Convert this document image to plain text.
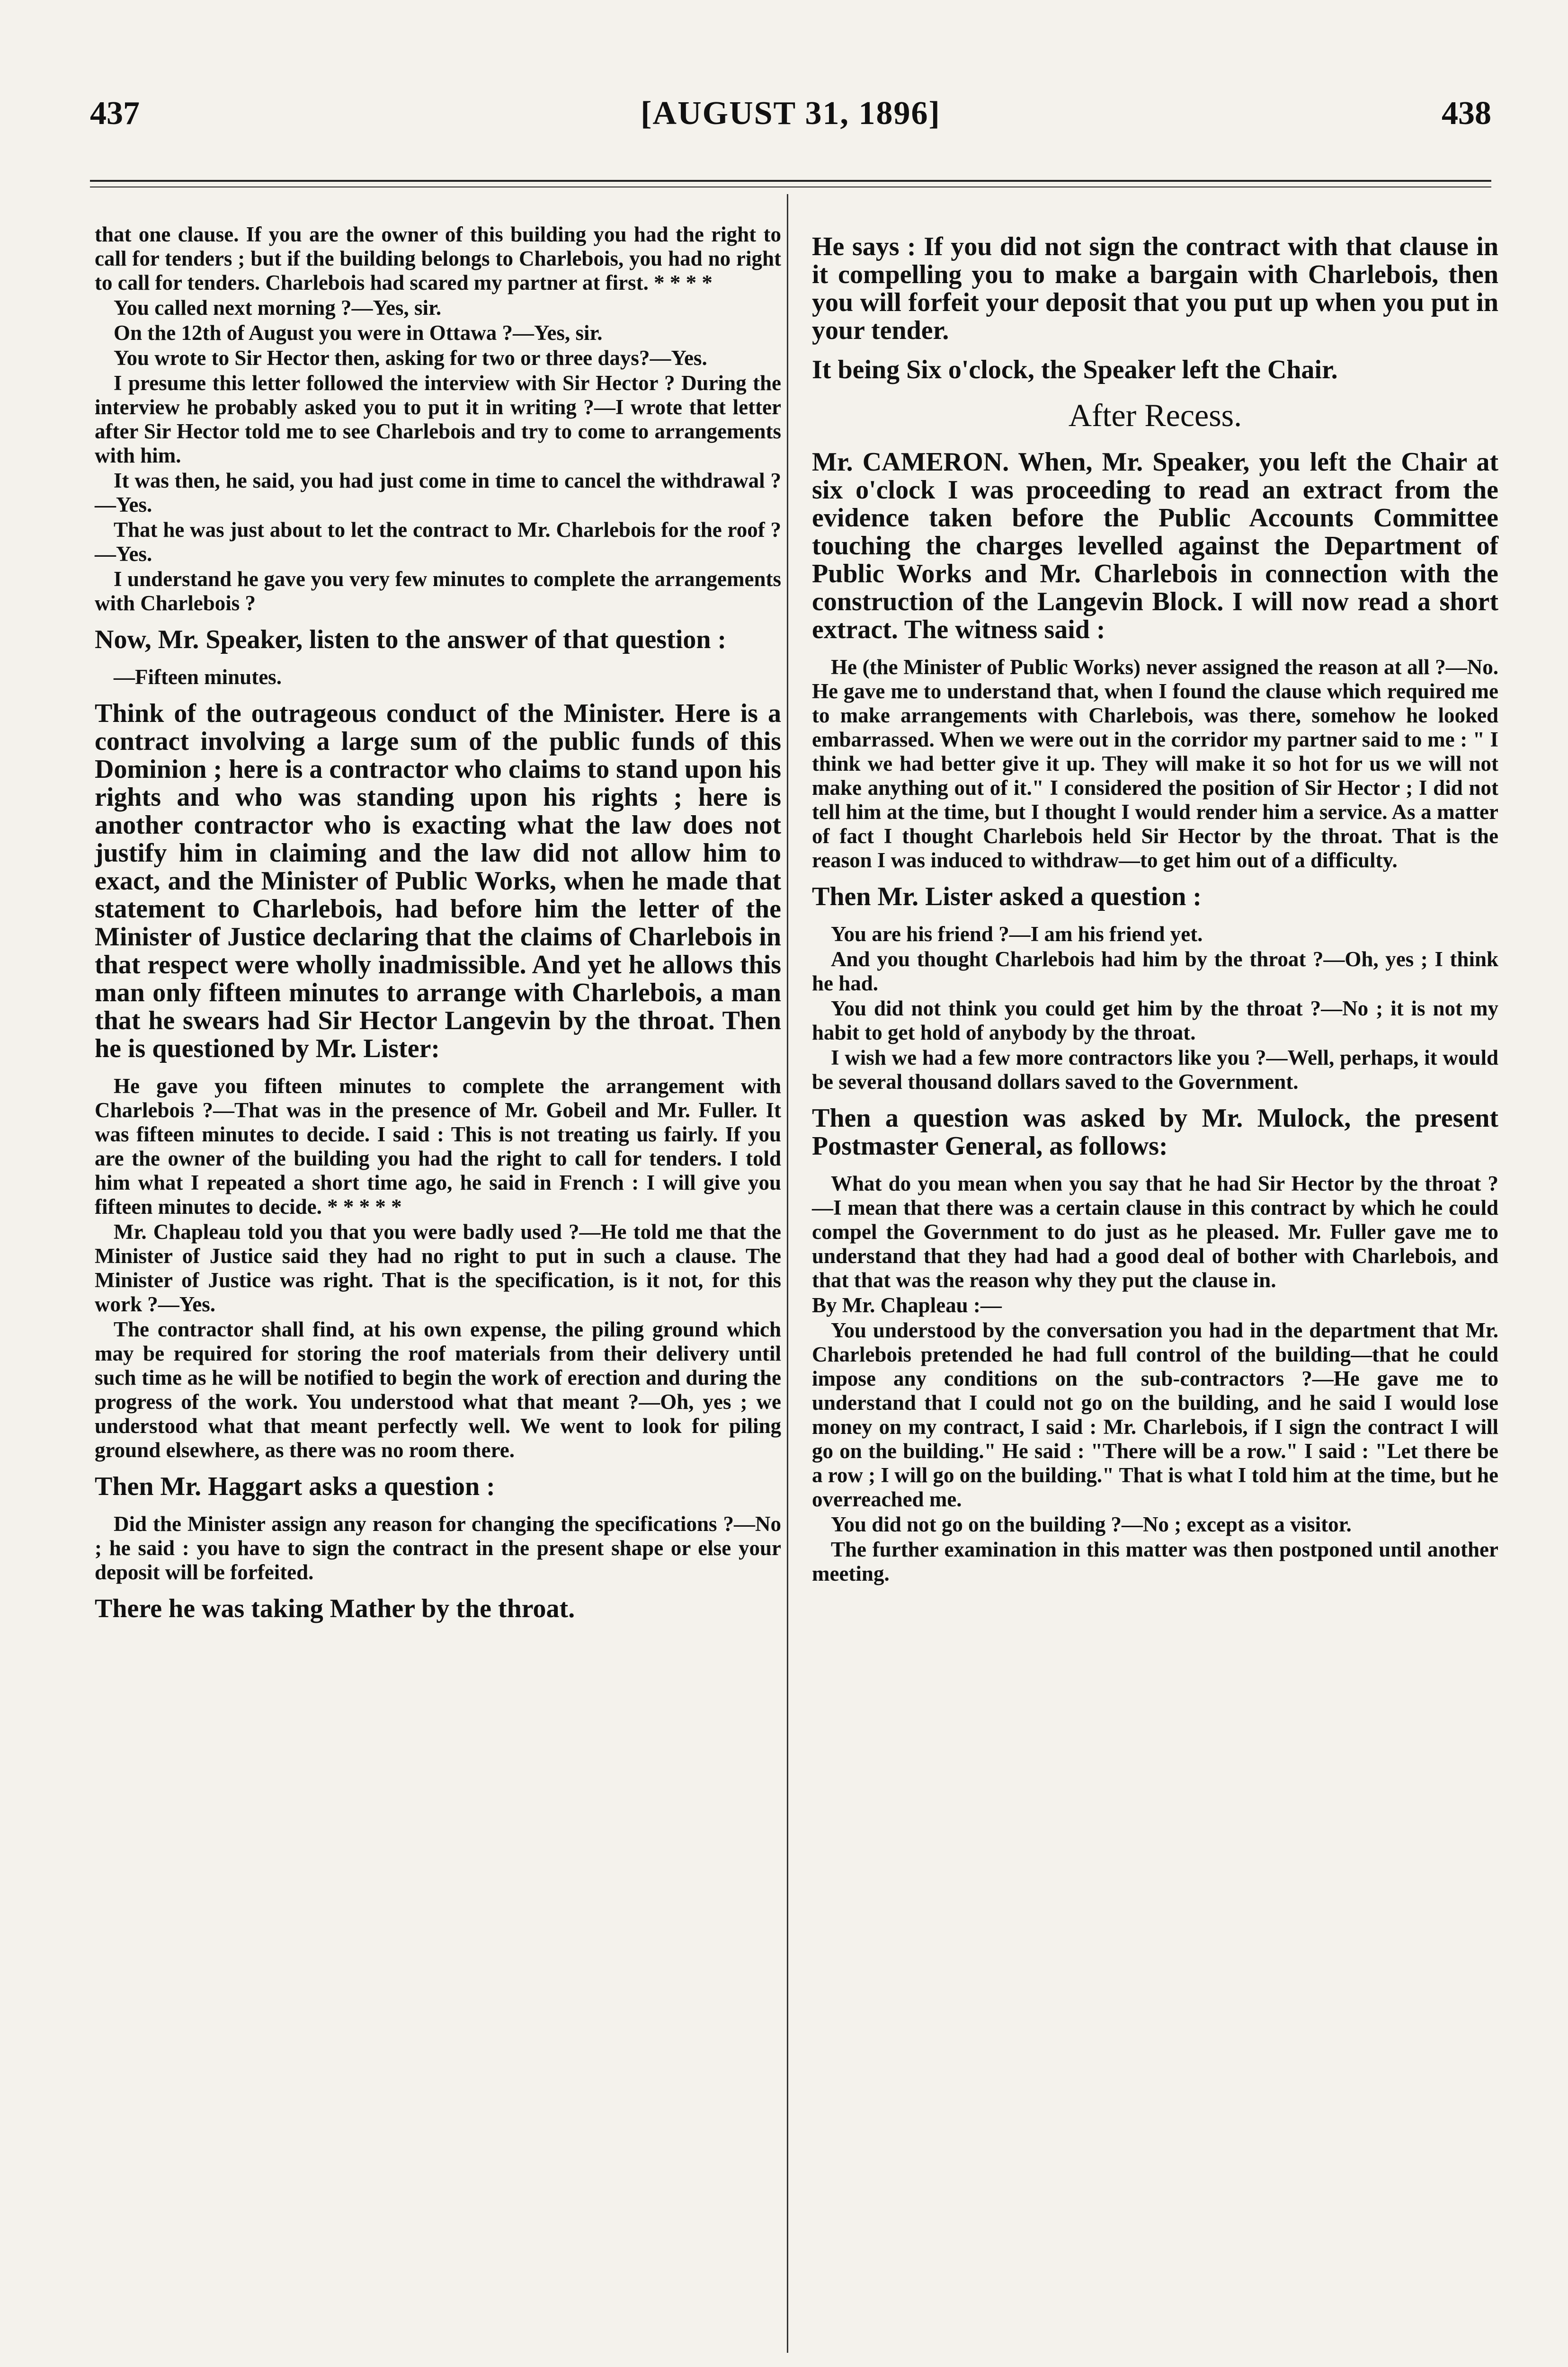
437	[AUGUST 31, 1896]	438

that one clause. If you are the owner of this building you had the right to call for tenders ; but if the building belongs to Charlebois, you had no right to call for tenders. Charlebois had scared my partner at first. * * * *

You called next morning ?—Yes, sir.

On the 12th of August you were in Ottawa ?—Yes, sir.

You wrote to Sir Hector then, asking for two or three days?—Yes.

I presume this letter followed the interview with Sir Hector ? During the interview he probably asked you to put it in writing ?—I wrote that letter after Sir Hector told me to see Charlebois and try to come to arrangements with him.

It was then, he said, you had just come in time to cancel the withdrawal ?—Yes.

That he was just about to let the contract to Mr. Charlebois for the roof ?—Yes.

I understand he gave you very few minutes to complete the arrangements with Charlebois ?

Now, Mr. Speaker, listen to the answer of that question :

—Fifteen minutes.

Think of the outrageous conduct of the Minister. Here is a contract involving a large sum of the public funds of this Dominion ; here is a contractor who claims to stand upon his rights and who was standing upon his rights ; here is another contractor who is exacting what the law does not justify him in claiming and the law did not allow him to exact, and the Minister of Public Works, when he made that statement to Charlebois, had before him the letter of the Minister of Justice declaring that the claims of Charlebois in that respect were wholly inadmissible. And yet he allows this man only fifteen minutes to arrange with Charlebois, a man that he swears had Sir Hector Langevin by the throat. Then he is questioned by Mr. Lister:

He gave you fifteen minutes to complete the arrangement with Charlebois ?—That was in the presence of Mr. Gobeil and Mr. Fuller. It was fifteen minutes to decide. I said : This is not treating us fairly. If you are the owner of the building you had the right to call for tenders. I told him what I repeated a short time ago, he said in French : I will give you fifteen minutes to decide. * * * * *

Mr. Chapleau told you that you were badly used ?—He told me that the Minister of Justice said they had no right to put in such a clause. The Minister of Justice was right. That is the specification, is it not, for this work ?—Yes.

The contractor shall find, at his own expense, the piling ground which may be required for storing the roof materials from their delivery until such time as he will be notified to begin the work of erection and during the progress of the work. You understood what that meant ?—Oh, yes ; we understood what that meant perfectly well. We went to look for piling ground elsewhere, as there was no room there.

Then Mr. Haggart asks a question :

Did the Minister assign any reason for changing the specifications ?—No ; he said : you have to sign the contract in the present shape or else your deposit will be forfeited.

There he was taking Mather by the throat.

He says : If you did not sign the contract with that clause in it compelling you to make a bargain with Charlebois, then you will forfeit your deposit that you put up when you put in your tender.

It being Six o'clock, the Speaker left the Chair.

After Recess.

Mr. CAMERON. When, Mr. Speaker, you left the Chair at six o'clock I was proceeding to read an extract from the evidence taken before the Public Accounts Committee touching the charges levelled against the Department of Public Works and Mr. Charlebois in connection with the construction of the Langevin Block. I will now read a short extract. The witness said :

He (the Minister of Public Works) never assigned the reason at all ?—No. He gave me to understand that, when I found the clause which required me to make arrangements with Charlebois, was there, somehow he looked embarrassed. When we were out in the corridor my partner said to me : " I think we had better give it up. They will make it so hot for us we will not make anything out of it." I considered the position of Sir Hector ; I did not tell him at the time, but I thought I would render him a service. As a matter of fact I thought Charlebois held Sir Hector by the throat. That is the reason I was induced to withdraw—to get him out of a difficulty.

Then Mr. Lister asked a question :

You are his friend ?—I am his friend yet.

And you thought Charlebois had him by the throat ?—Oh, yes ; I think he had.

You did not think you could get him by the throat ?—No ; it is not my habit to get hold of anybody by the throat.

I wish we had a few more contractors like you ?—Well, perhaps, it would be several thousand dollars saved to the Government.

Then a question was asked by Mr. Mulock, the present Postmaster General, as follows:

What do you mean when you say that he had Sir Hector by the throat ?—I mean that there was a certain clause in this contract by which he could compel the Government to do just as he pleased. Mr. Fuller gave me to understand that they had had a good deal of bother with Charlebois, and that that was the reason why they put the clause in.

By Mr. Chapleau :—

You understood by the conversation you had in the department that Mr. Charlebois pretended he had full control of the building—that he could impose any conditions on the sub-contractors ?—He gave me to understand that I could not go on the building, and he said I would lose money on my contract, I said : Mr. Charlebois, if I sign the contract I will go on the building." He said : "There will be a row." I said : "Let there be a row ; I will go on the building." That is what I told him at the time, but he overreached me.

You did not go on the building ?—No ; except as a visitor.

The further examination in this matter was then postponed until another meeting.
